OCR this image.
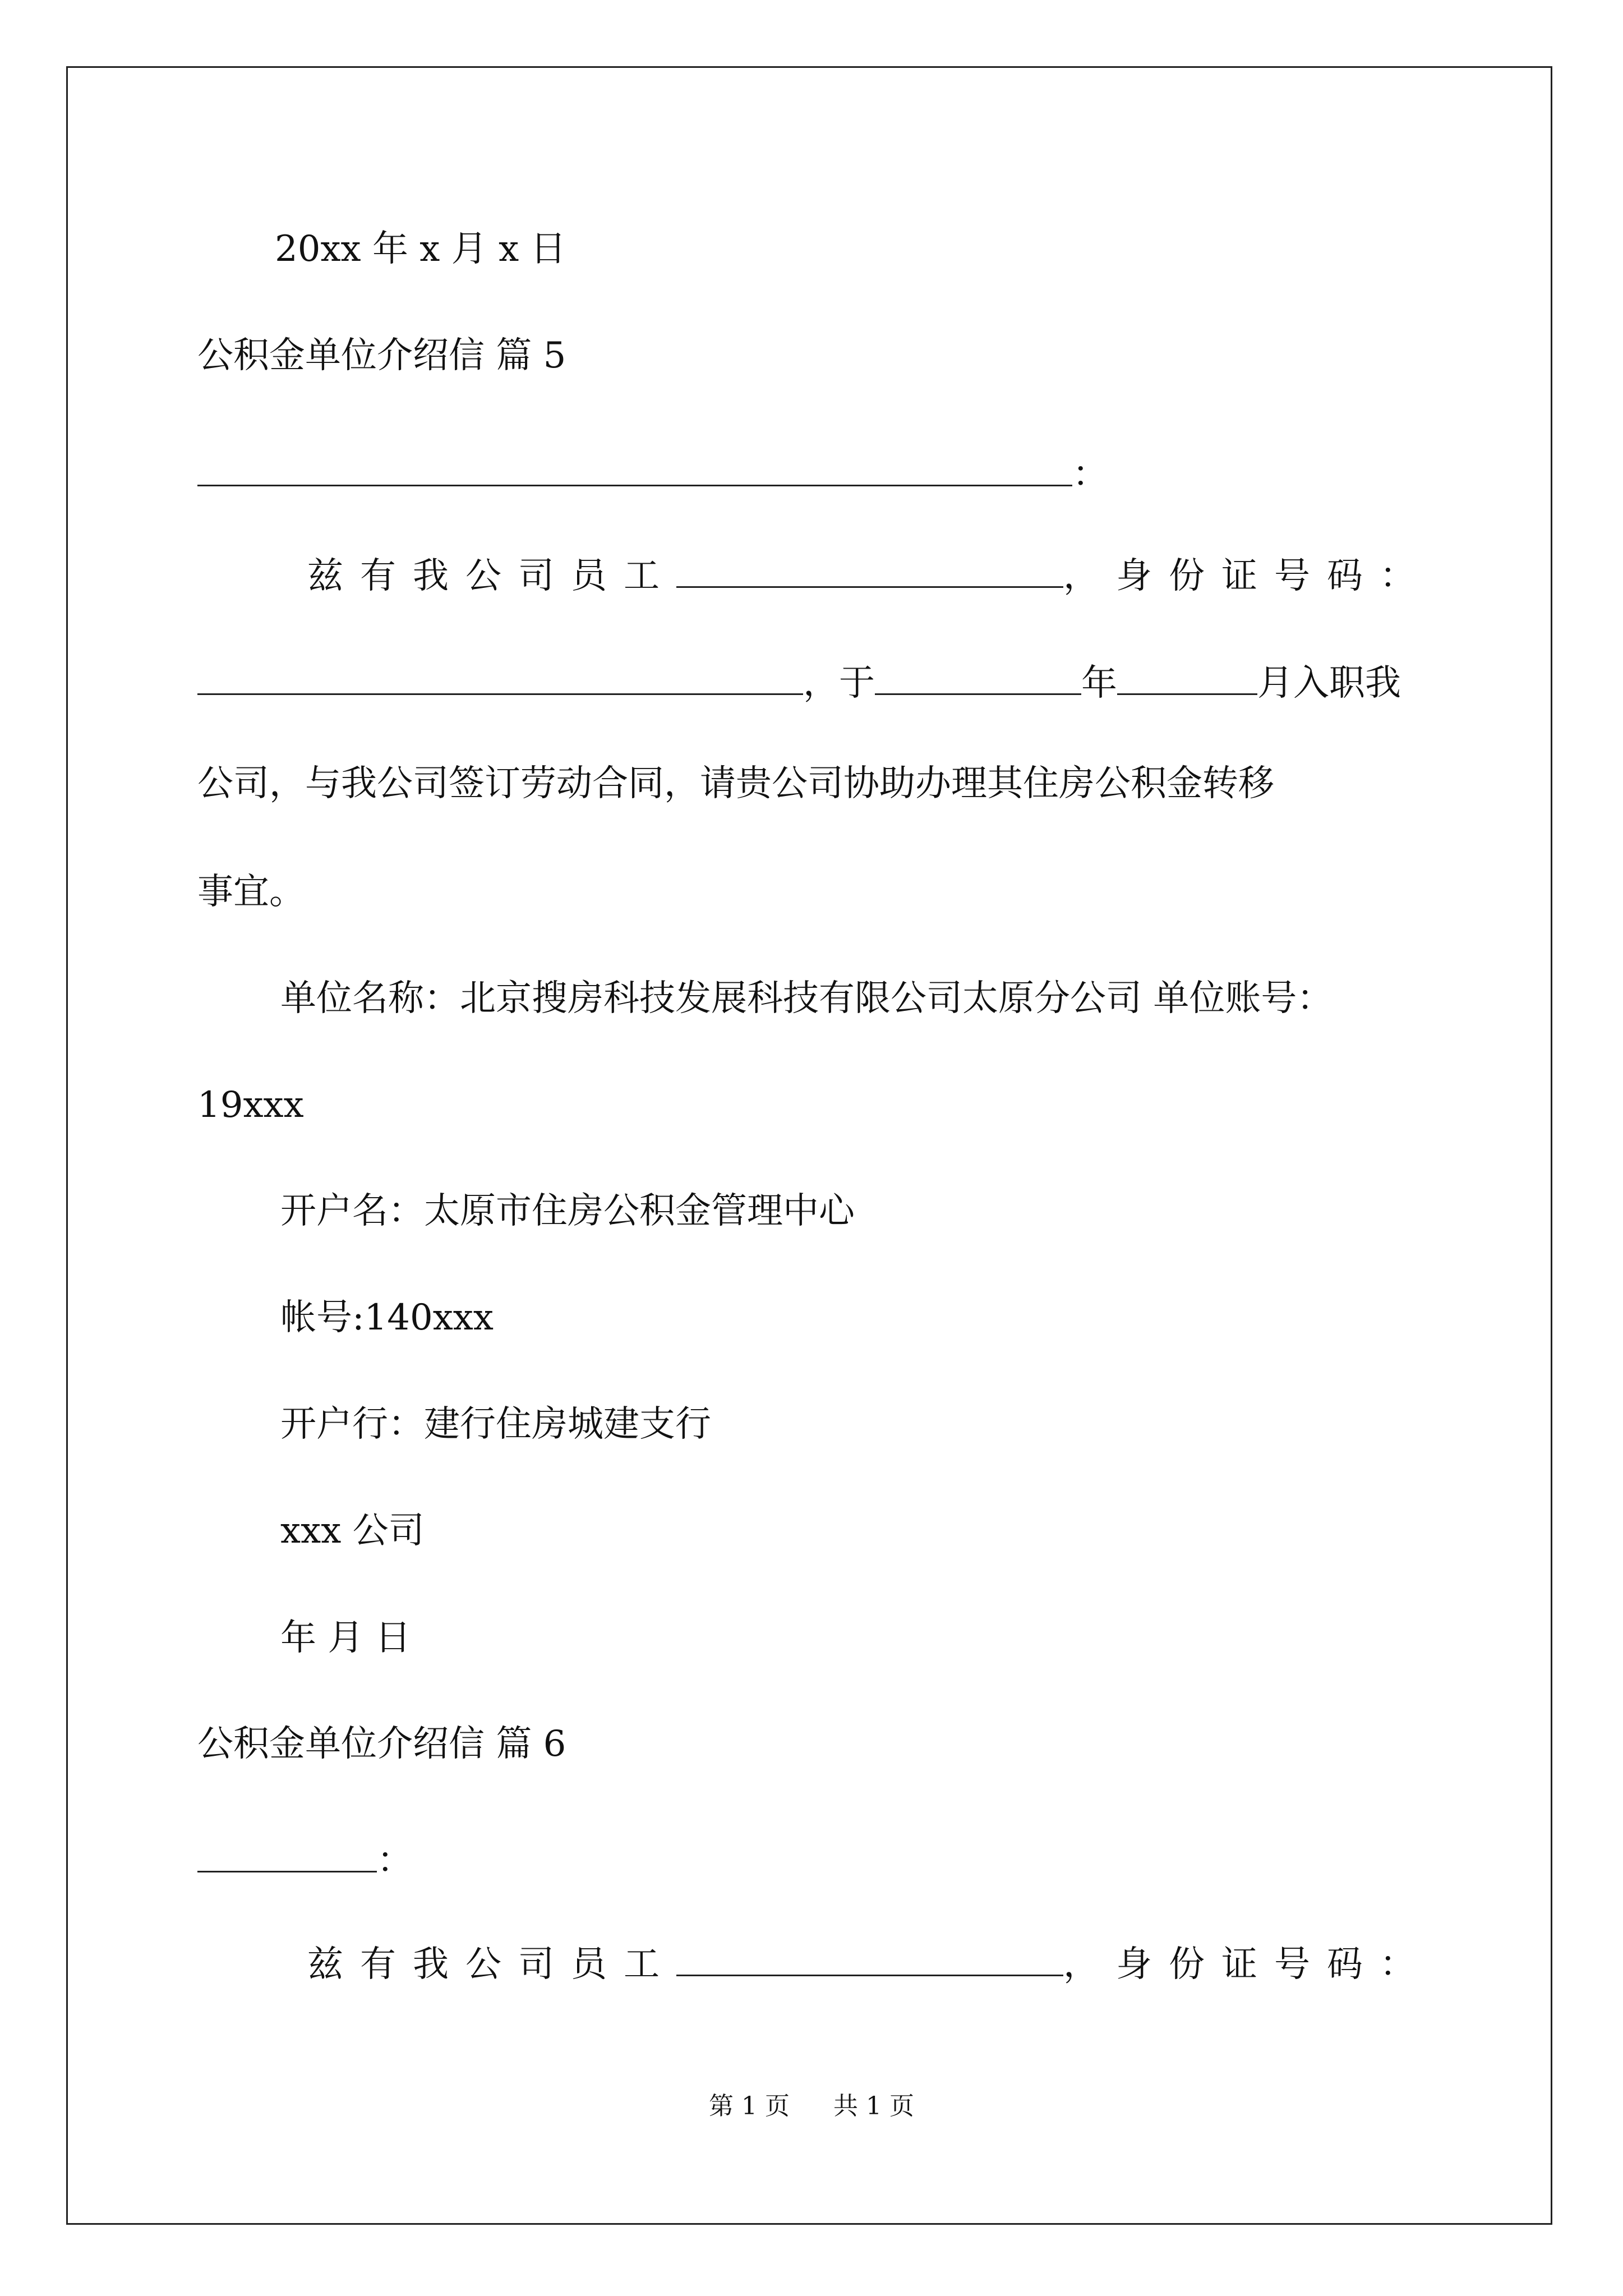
20xx 年 x 月 x 日
公积金单位介绍信 篇 5
：
兹有我公司员工	，身份证号码：
，于	年	月入职我
公司，与我公司签订劳动合同，请贵公司协助办理其住房公积金转移
事宜。
单位名称：北京搜房科技发展科技有限公司太原分公司 单位账号：
19xxx
开户名：太原市住房公积金管理中心
帐号:140xxx
开户行：建行住房城建支行
xxx 公司
年 月 日
公积金单位介绍信 篇 6
：
兹有我公司员工	，身份证号码：
第 1 页 共 1 页
